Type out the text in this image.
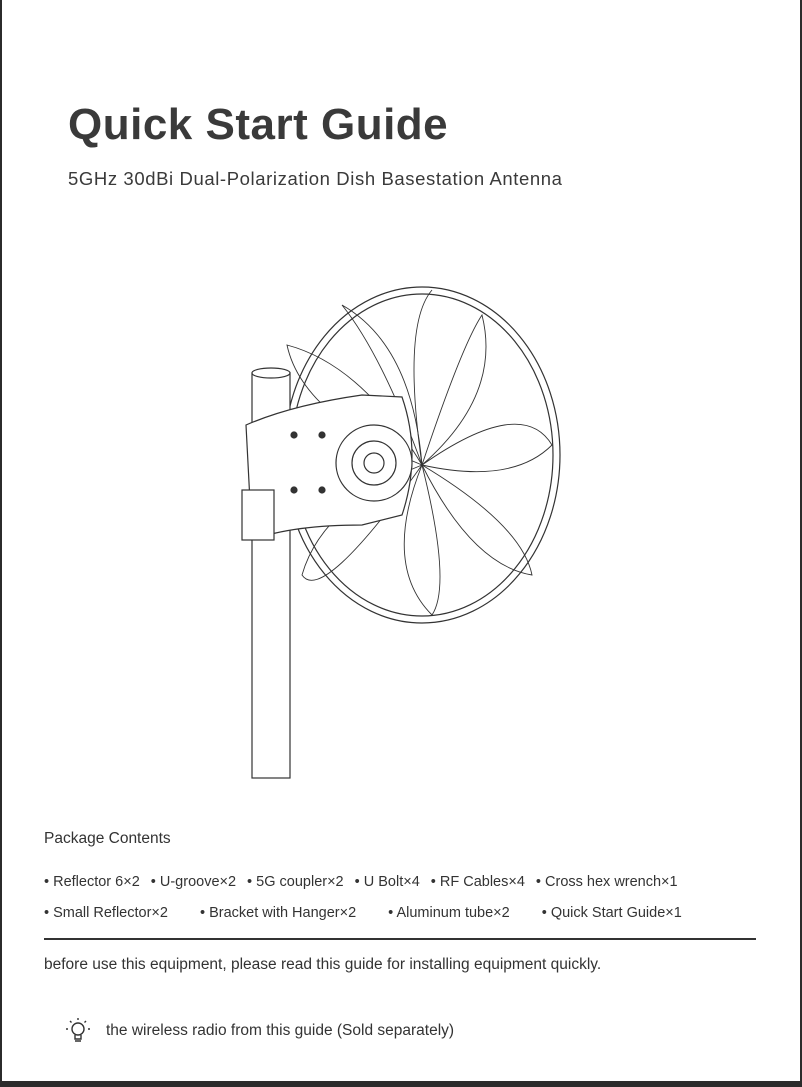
Quick Start Guide
5GHz 30dBi Dual-Polarization Dish Basestation Antenna
Package Contents
• Reflector 6×2	• U-groove×2	• 5G coupler×2	• U Bolt×4	• RF Cables×4	• Cross hex wrench×1
• Small Reflector×2	• Bracket with Hanger×2	• Aluminum tube×2	• Quick Start Guide×1
before use this equipment, please read this guide for installing equipment quickly.
the wireless radio from this guide (Sold separately)
